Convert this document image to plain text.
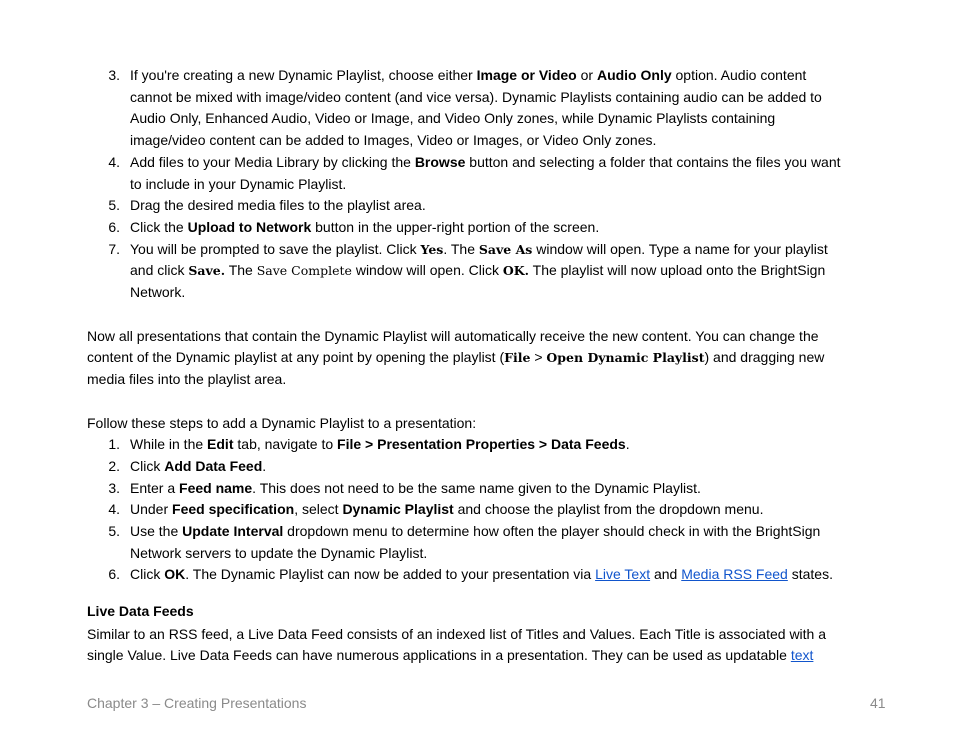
3. If you're creating a new Dynamic Playlist, choose either Image or Video or Audio Only option. Audio content
cannot be mixed with image/video content (and vice versa). Dynamic Playlists containing audio can be added to
Audio Only, Enhanced Audio, Video or Image, and Video Only zones, while Dynamic Playlists containing
image/video content can be added to Images, Video or Images, or Video Only zones.
4. Add files to your Media Library by clicking the Browse button and selecting a folder that contains the files you want
to include in your Dynamic Playlist.
5. Drag the desired media files to the playlist area.
6. Click the Upload to Network button in the upper-right portion of the screen.
7. You will be prompted to save the playlist. Click Yes. The Save As window will open. Type a name for your playlist
and click Save. The Save Complete window will open. Click OK. The playlist will now upload onto the BrightSign
Network.
Now all presentations that contain the Dynamic Playlist will automatically receive the new content. You can change the
content of the Dynamic playlist at any point by opening the playlist (File > Open Dynamic Playlist) and dragging new
media files into the playlist area.
Follow these steps to add a Dynamic Playlist to a presentation:
1. While in the Edit tab, navigate to File > Presentation Properties > Data Feeds.
2. Click Add Data Feed.
3. Enter a Feed name. This does not need to be the same name given to the Dynamic Playlist.
4. Under Feed specification, select Dynamic Playlist and choose the playlist from the dropdown menu.
5. Use the Update Interval dropdown menu to determine how often the player should check in with the BrightSign
Network servers to update the Dynamic Playlist.
6. Click OK. The Dynamic Playlist can now be added to your presentation via Live Text and Media RSS Feed states.
Live Data Feeds
Similar to an RSS feed, a Live Data Feed consists of an indexed list of Titles and Values. Each Title is associated with a
single Value. Live Data Feeds can have numerous applications in a presentation. They can be used as updatable text
Chapter 3 – Creating Presentations	41
